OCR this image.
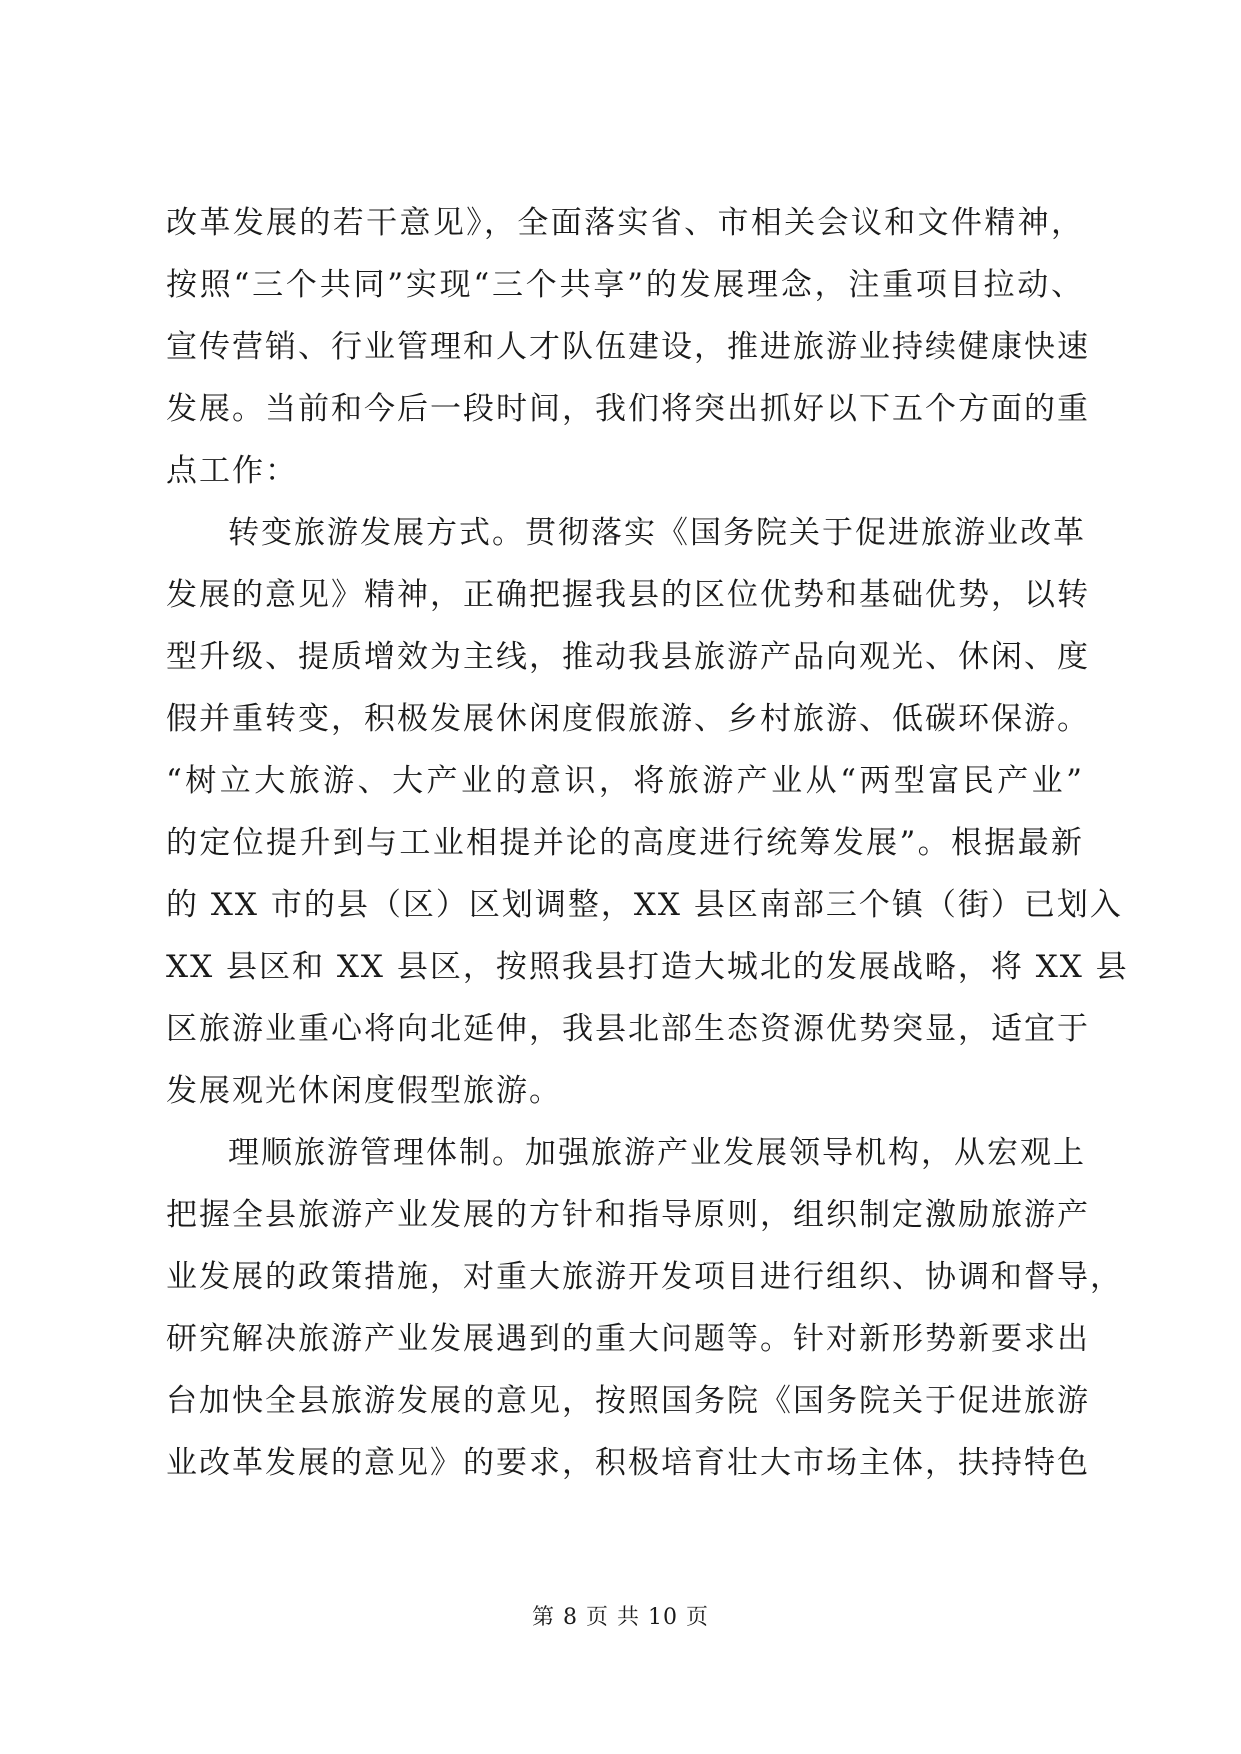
改革发展的若干意见》，全面落实省、市相关会议和文件精神，
按照“三个共同”实现“三个共享”的发展理念，注重项目拉动、
宣传营销、行业管理和人才队伍建设，推进旅游业持续健康快速
发展。当前和今后一段时间，我们将突出抓好以下五个方面的重
点工作：
转变旅游发展方式。贯彻落实《国务院关于促进旅游业改革
发展的意见》精神，正确把握我县的区位优势和基础优势，以转
型升级、提质增效为主线，推动我县旅游产品向观光、休闲、度
假并重转变，积极发展休闲度假旅游、乡村旅游、低碳环保游。
“树立大旅游、大产业的意识，将旅游产业从“两型富民产业”
的定位提升到与工业相提并论的高度进行统筹发展”。根据最新
的 XX 市的县（区）区划调整，XX 县区南部三个镇（街）已划入
XX 县区和 XX 县区，按照我县打造大城北的发展战略，将 XX 县
区旅游业重心将向北延伸，我县北部生态资源优势突显，适宜于
发展观光休闲度假型旅游。
理顺旅游管理体制。加强旅游产业发展领导机构，从宏观上
把握全县旅游产业发展的方针和指导原则，组织制定激励旅游产
业发展的政策措施，对重大旅游开发项目进行组织、协调和督导，
研究解决旅游产业发展遇到的重大问题等。针对新形势新要求出
台加快全县旅游发展的意见，按照国务院《国务院关于促进旅游
业改革发展的意见》的要求，积极培育壮大市场主体，扶持特色
第 8 页 共 10 页
